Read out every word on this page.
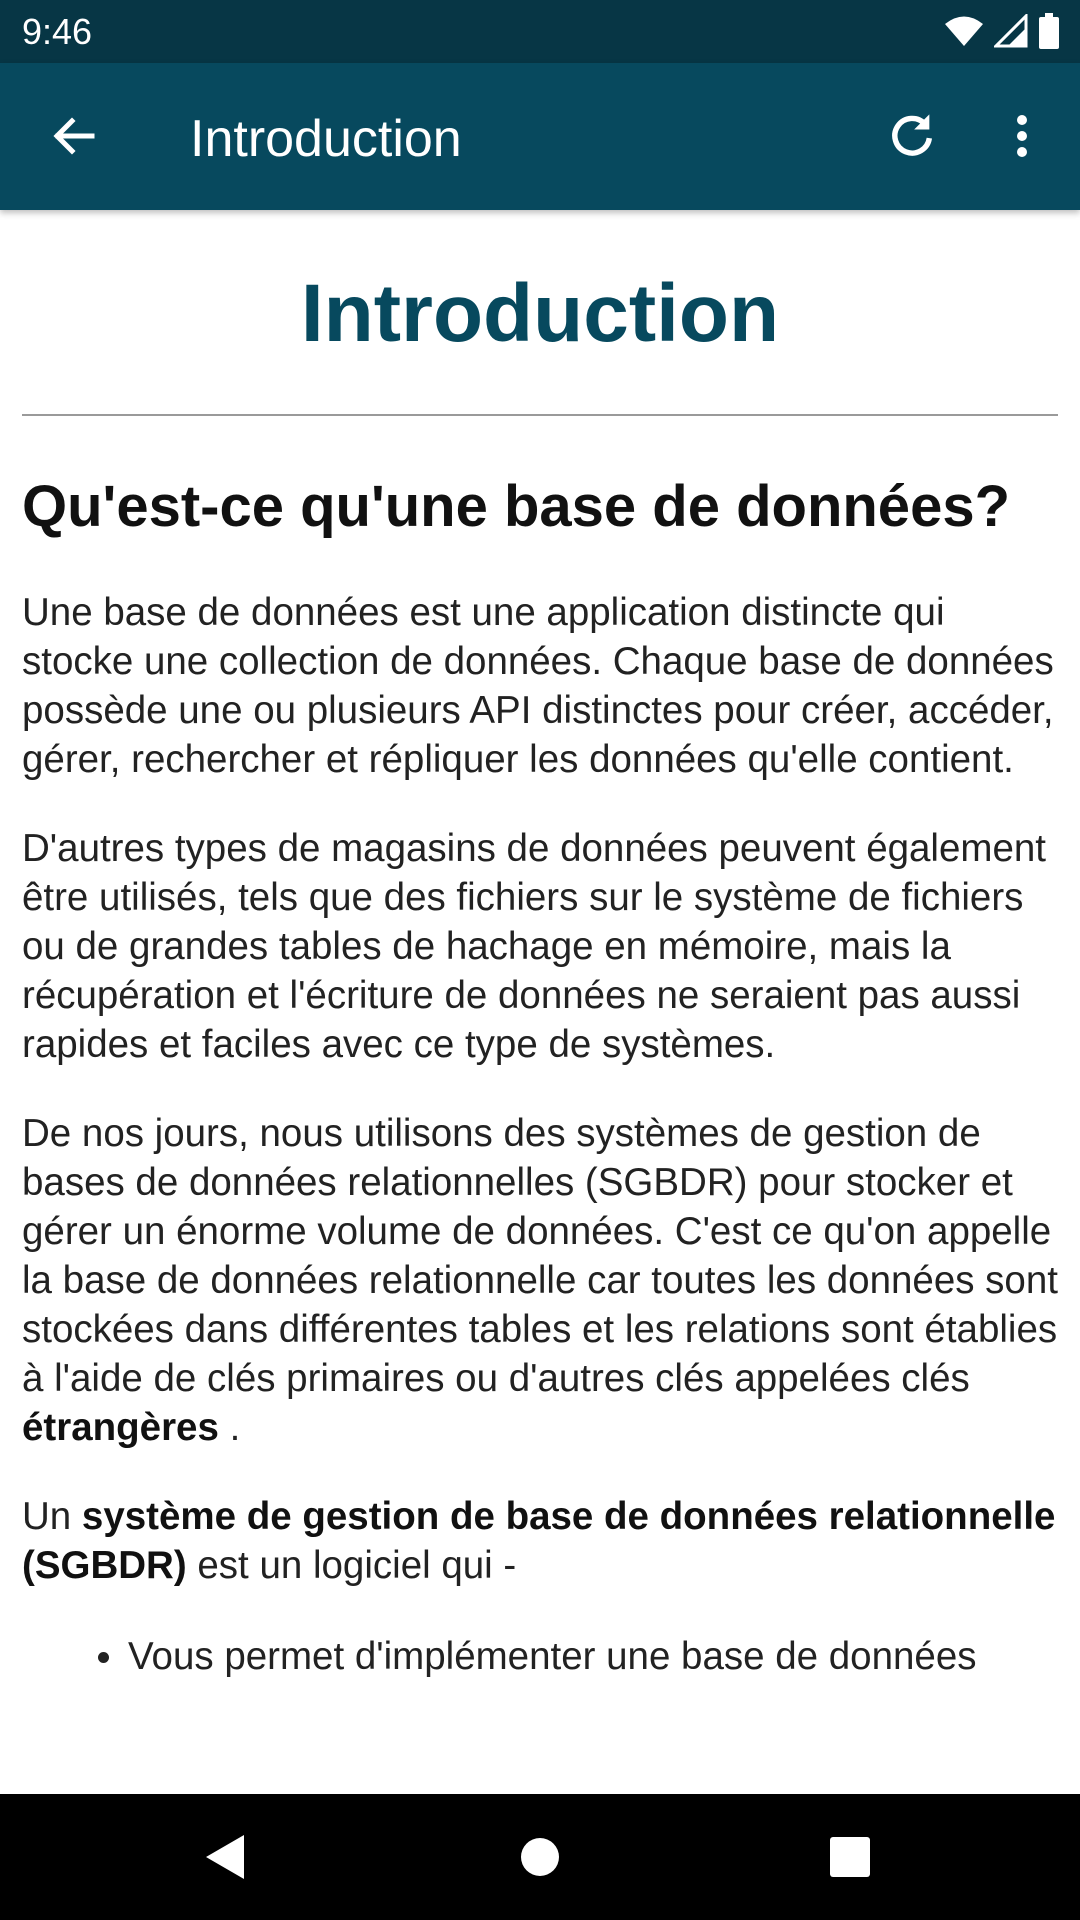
9:46
Introduction
Introduction
Qu'est-ce qu'une base de données?

Une base de données est une application distincte qui stocke une collection de données. Chaque base de données possède une ou plusieurs API distinctes pour créer, accéder, gérer, rechercher et répliquer les données qu'elle contient.

D'autres types de magasins de données peuvent également être utilisés, tels que des fichiers sur le système de fichiers ou de grandes tables de hachage en mémoire, mais la récupération et l'écriture de données ne seraient pas aussi rapides et faciles avec ce type de systèmes.

De nos jours, nous utilisons des systèmes de gestion de bases de données relationnelles (SGBDR) pour stocker et gérer un énorme volume de données. C'est ce qu'on appelle la base de données relationnelle car toutes les données sont stockées dans différentes tables et les relations sont établies à l'aide de clés primaires ou d'autres clés appelées clés étrangères .

Un système de gestion de base de données relationnelle (SGBDR) est un logiciel qui -

Vous permet d'implémenter une base de données
